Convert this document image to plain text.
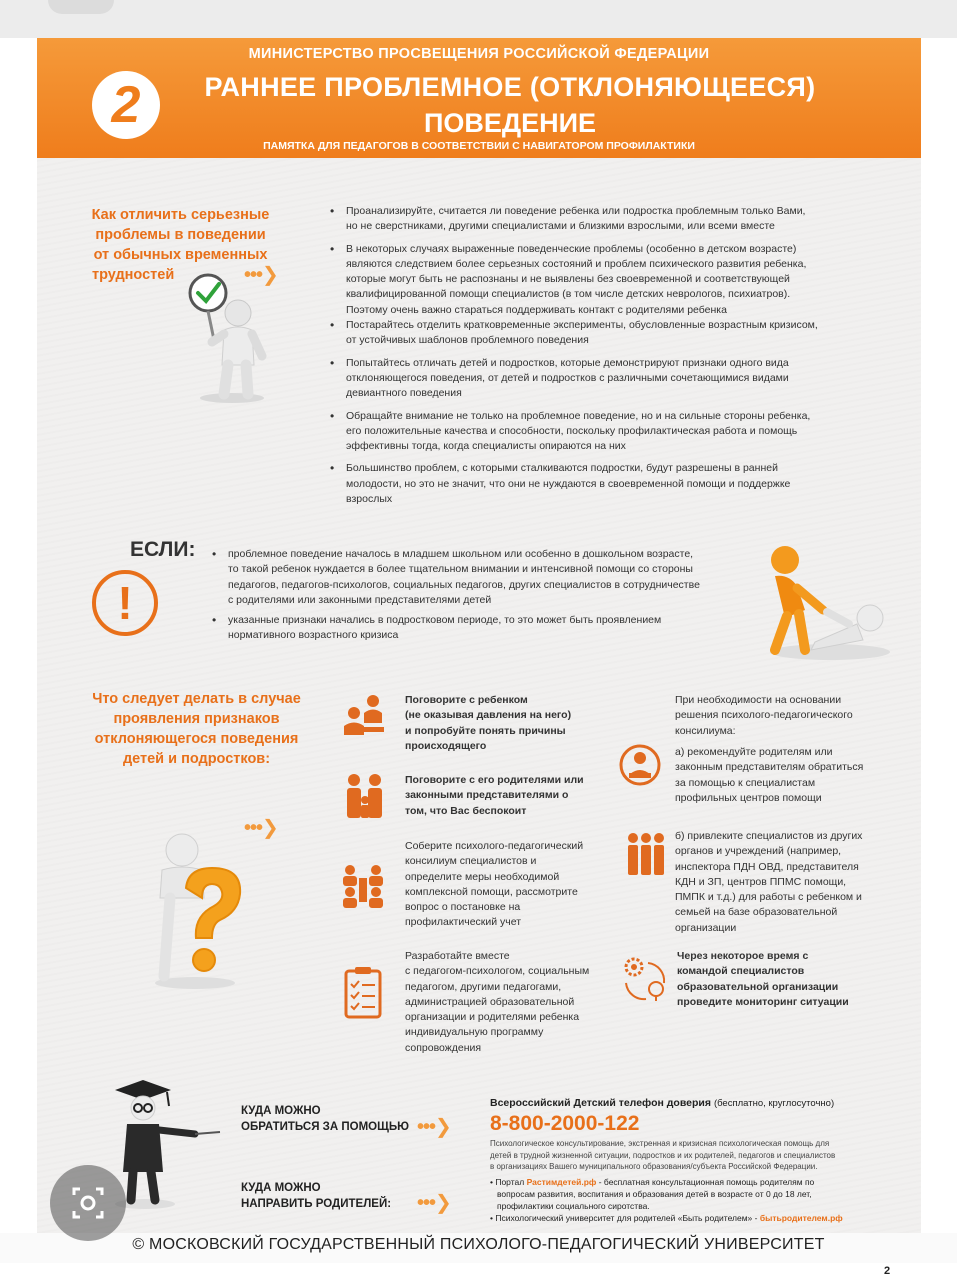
МИНИСТЕРСТВО ПРОСВЕЩЕНИЯ РОССИЙСКОЙ ФЕДЕРАЦИИ
2	РАННЕЕ ПРОБЛЕМНОЕ (ОТКЛОНЯЮЩЕЕСЯ)
ПОВЕДЕНИЕ
ПАМЯТКА ДЛЯ ПЕДАГОГОВ В СООТВЕТСТВИИ С НАВИГАТОРОМ ПРОФИЛАКТИКИ
Как отличить серьезные
проблемы в поведении
от обычных временных
трудностей	•••❯
• Проанализируйте, считается ли поведение ребенка или подростка проблемным только Вами,
но не сверстниками, другими специалистами и близкими взрослыми, или всеми вместе
• В некоторых случаях выраженные поведенческие проблемы (особенно в детском возрасте)
являются следствием более серьезных состояний и проблем психического развития ребенка,
которые могут быть не распознаны и не выявлены без своевременной и соответствующей
квалифицированной помощи специалистов (в том числе детских неврологов, психиатров).
Поэтому очень важно стараться поддерживать контакт с родителями ребенка
• Постарайтесь отделить кратковременные эксперименты, обусловленные возрастным кризисом,
от устойчивых шаблонов проблемного поведения
• Попытайтесь отличать детей и подростков, которые демонстрируют признаки одного вида
отклоняющегося поведения, от детей и подростков с различными сочетающимися видами
девиантного поведения
• Обращайте внимание не только на проблемное поведение, но и на сильные стороны ребенка,
его положительные качества и способности, поскольку профилактическая работа и помощь
эффективны тогда, когда специалисты опираются на них
• Большинство проблем, с которыми сталкиваются подростки, будут разрешены в ранней
молодости, но это не значит, что они не нуждаются в своевременной помощи и поддержке
взрослых
ЕСЛИ:
!
• проблемное поведение началось в младшем школьном или особенно в дошкольном возрасте,
то такой ребенок нуждается в более тщательном внимании и интенсивной помощи со стороны
педагогов, педагогов-психологов, социальных педагогов, других специалистов в сотрудничестве
с родителями или законными представителями детей
• указанные признаки начались в подростковом периоде, то это может быть проявлением
нормативного возрастного кризиса
Что следует делать в случае
проявления признаков
отклоняющегося поведения
детей и подростков:
•••❯
Поговорите с ребенком
(не оказывая давления на него)
и попробуйте понять причины
происходящего
Поговорите с его родителями или
законными представителями о
том, что Вас беспокоит
Соберите психолого-педагогический
консилиум специалистов и
определите меры необходимой
комплексной помощи, рассмотрите
вопрос о постановке на
профилактический учет
Разработайте вместе
с педагогом-психологом, социальным
педагогом, другими педагогами,
администрацией образовательной
организации и родителями ребенка
индивидуальную программу
сопровождения
При необходимости на основании
решения психолого-педагогического
консилиума:
а) рекомендуйте родителям или
законным представителям обратиться
за помощью к специалистам
профильных центров помощи
б) привлеките специалистов из других
органов и учреждений (например,
инспектора ПДН ОВД, представителя
КДН и ЗП, центров ППМС помощи,
ПМПК и т.д.) для работы с ребенком и
семьей на базе образовательной
организации
Через некоторое время с
командой специалистов
образовательной организации
проведите мониторинг ситуации
КУДА МОЖНО
ОБРАТИТЬСЯ ЗА ПОМОЩЬЮ •••❯
КУДА МОЖНО
НАПРАВИТЬ РОДИТЕЛЕЙ: •••❯
Всероссийский Детский телефон доверия (бесплатно, круглосуточно)
8-800-2000-122
Психологическое консультирование, экстренная и кризисная психологическая помощь для
детей в трудной жизненной ситуации, подростков и их родителей, педагогов и специалистов
в организациях Вашего муниципального образования/субъекта Российской Федерации.
• Портал Растимдетей.рф - бесплатная консультационная помощь родителям по
вопросам развития, воспитания и образования детей в возрасте от 0 до 18 лет,
профилактики социального сиротства.
• Психологический университет для родителей «Быть родителем» - бытьродителем.рф
© МОСКОВСКИЙ ГОСУДАРСТВЕННЫЙ ПСИХОЛОГО-ПЕДАГОГИЧЕСКИЙ УНИВЕРСИТЕТ
2
